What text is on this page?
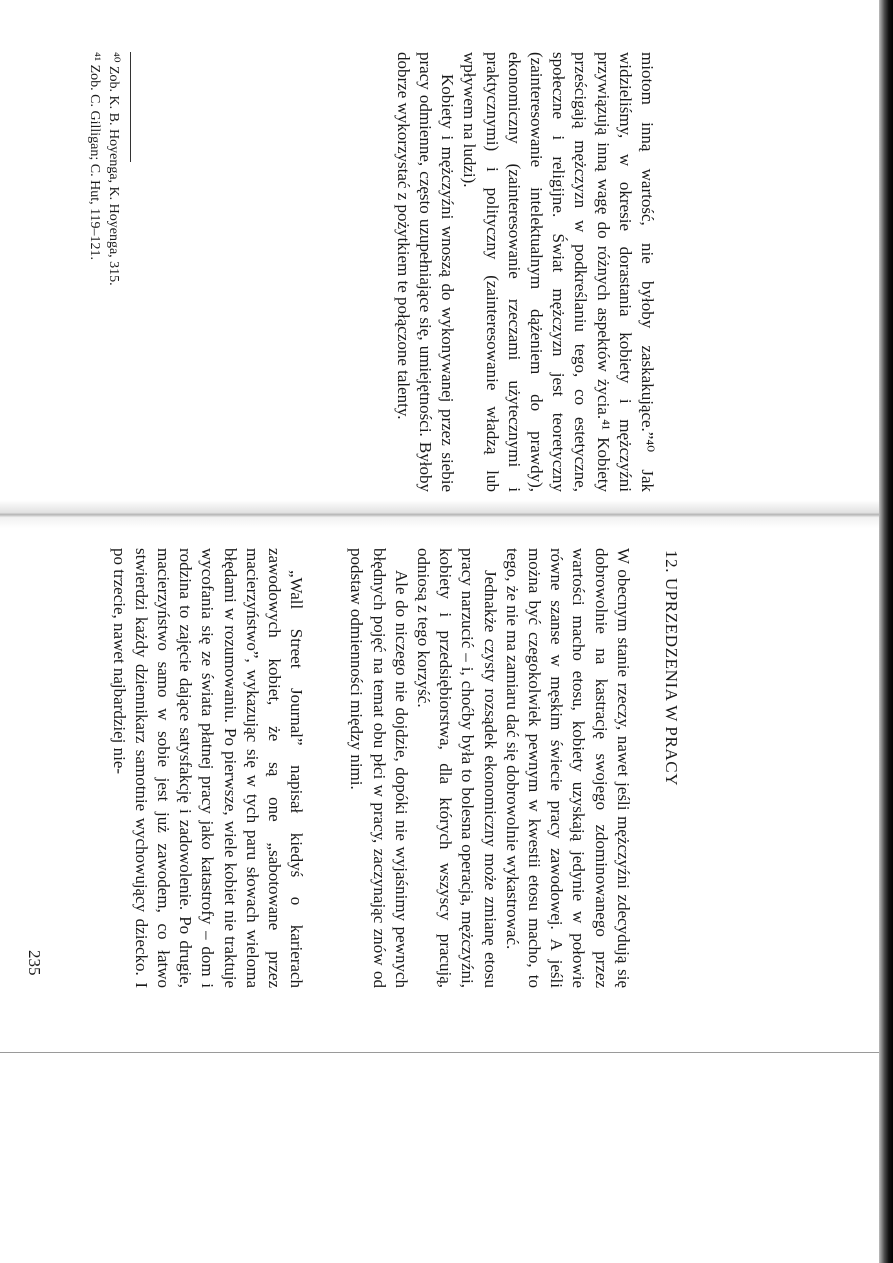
miotom inną wartość, nie byłoby zaskakujące.”⁴⁰ Jak widzieliśmy, w okresie dorastania kobiety i mężczyźni przywiązują inną wagę do różnych aspektów życia.⁴¹ Kobiety prześcigają mężczyzn w podkreślaniu tego, co estetyczne, społeczne i religijne. Świat mężczyzn jest teoretyczny (zainteresowanie intelektualnym dążeniem do prawdy), ekonomiczny (zainteresowanie rzeczami użytecznymi i praktycznymi) i polityczny (zainteresowanie władzą lub wpływem na ludzi).

Kobiety i mężczyźni wnoszą do wykonywanej przez siebie pracy odmienne, często uzupełniające się, umiejętności. Byłoby dobrze wykorzystać z pożytkiem te połączone talenty.

⁴⁰ Zob. K. B. Hoyenga, K. Hoyenga, 315.

⁴¹ Zob. C. Gilligan; C. Hut, 119–121.

12. UPRZEDZENIA W PRACY

W obecnym stanie rzeczy, nawet jeśli mężczyźni zdecydują się dobrowolnie na kastrację swojego zdominowanego przez wartości macho etosu, kobiety uzyskają jedynie w połowie równe szanse w męskim świecie pracy zawodowej. A jeśli można być czegokolwiek pewnym w kwestii etosu macho, to tego, że nie ma zamiaru dać się dobrowolnie wykastrować.

Jednakże czysty rozsądek ekonomiczny może zmianę etosu pracy narzucić – i, choćby była to bolesna operacja, mężczyźni, kobiety i przedsiębiorstwa, dla których wszyscy pracują, odniosą z tego korzyść.

Ale do niczego nie dojdzie, dopóki nie wyjaśnimy pewnych błędnych pojęć na temat obu płci w pracy, zaczynając znów od podstaw odmienności między nimi.

„Wall Street Journal” napisał kiedyś o karierach zawodowych kobiet, że są one „sabotowane przez macierzyństwo”, wykazując się w tych paru słowach wieloma błędami w rozumowaniu. Po pierwsze, wiele kobiet nie traktuje wycofania się ze świata płatnej pracy jako katastrofy – dom i rodzina to zajęcie dające satysfakcję i zadowolenie. Po drugie, macierzyństwo samo w sobie jest już zawodem, co łatwo stwierdzi każdy dziennikarz samotnie wychowujący dziecko. I po trzecie, nawet najbardziej nie-

235
